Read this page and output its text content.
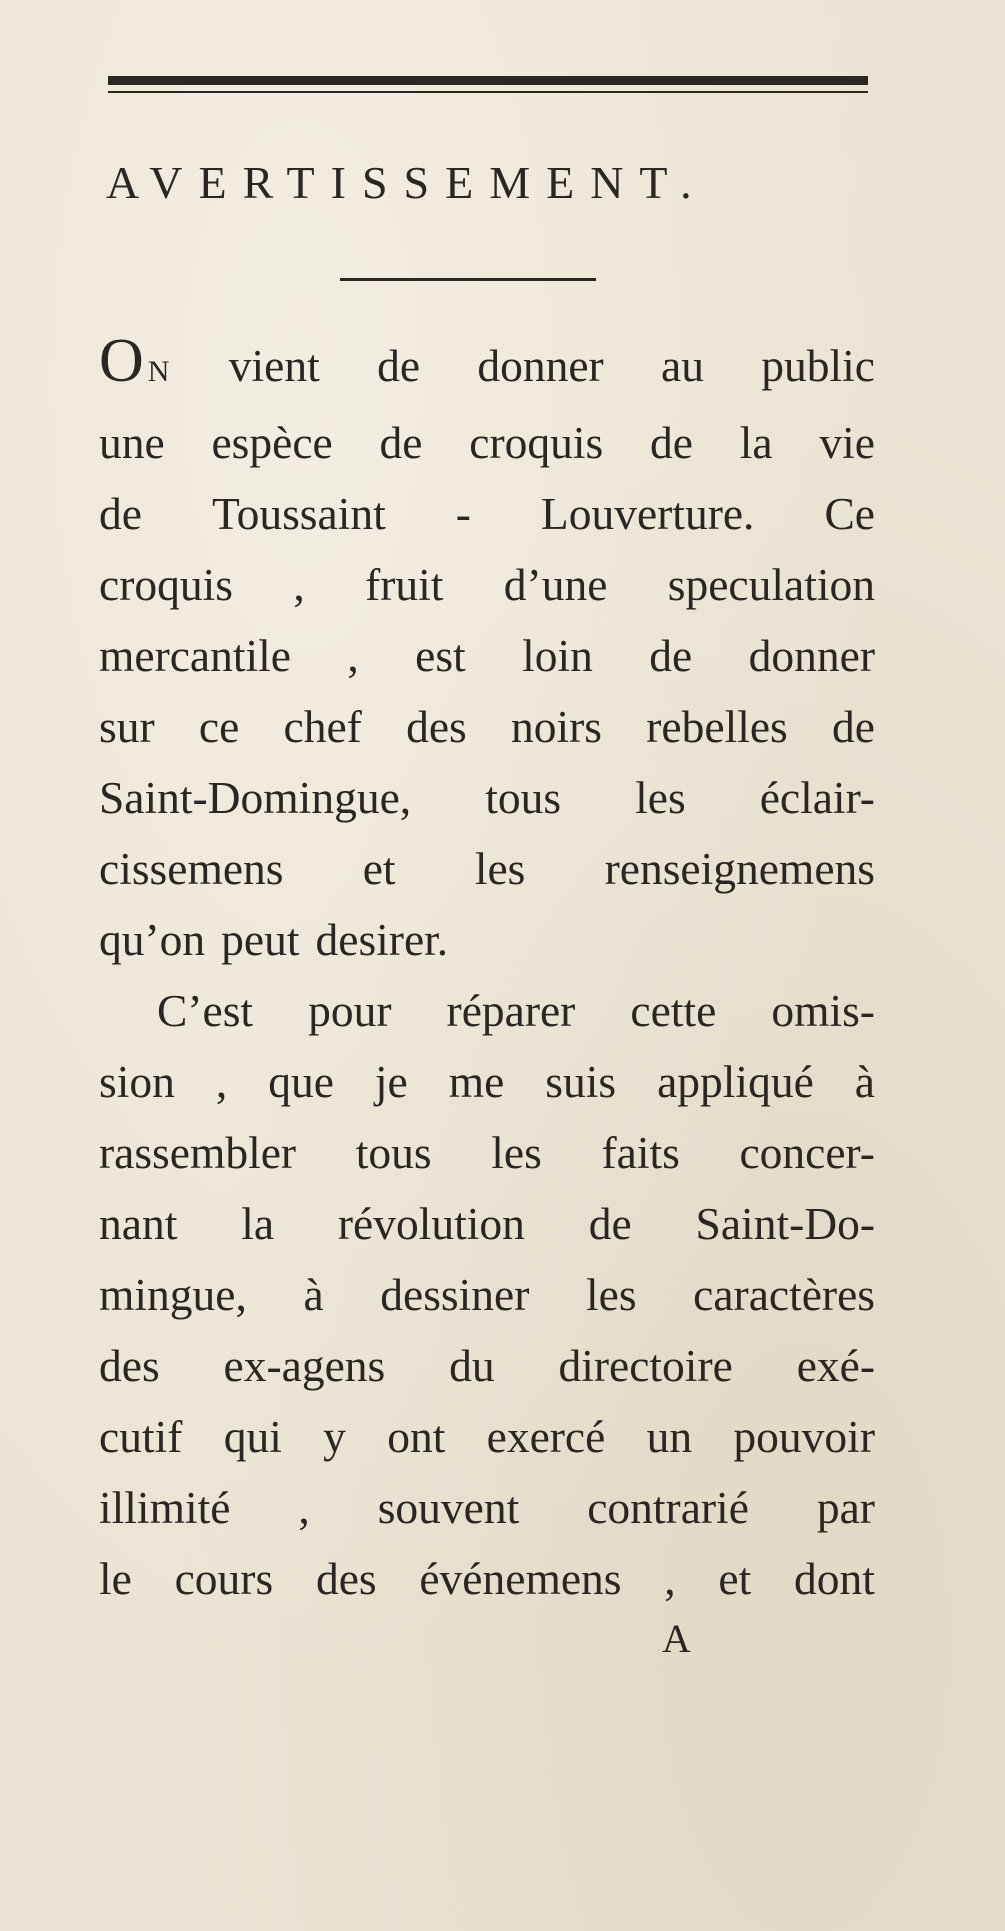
AVERTISSEMENT.
O N vient de donner au public
une espèce de croquis de la vie
de Toussaint - Louverture. Ce
croquis , fruit d’une speculation
mercantile , est loin de donner
sur ce chef des noirs rebelles de
Saint-Domingue, tous les éclair-
cissemens et les renseignemens
qu’on peut desirer.
C’est pour réparer cette omis-
sion , que je me suis appliqué à
rassembler tous les faits concer-
nant la révolution de Saint-Do-
mingue, à dessiner les caractères
des ex-agens du directoire exé-
cutif qui y ont exercé un pouvoir
illimité , souvent contrarié par
le cours des événemens , et dont
A
